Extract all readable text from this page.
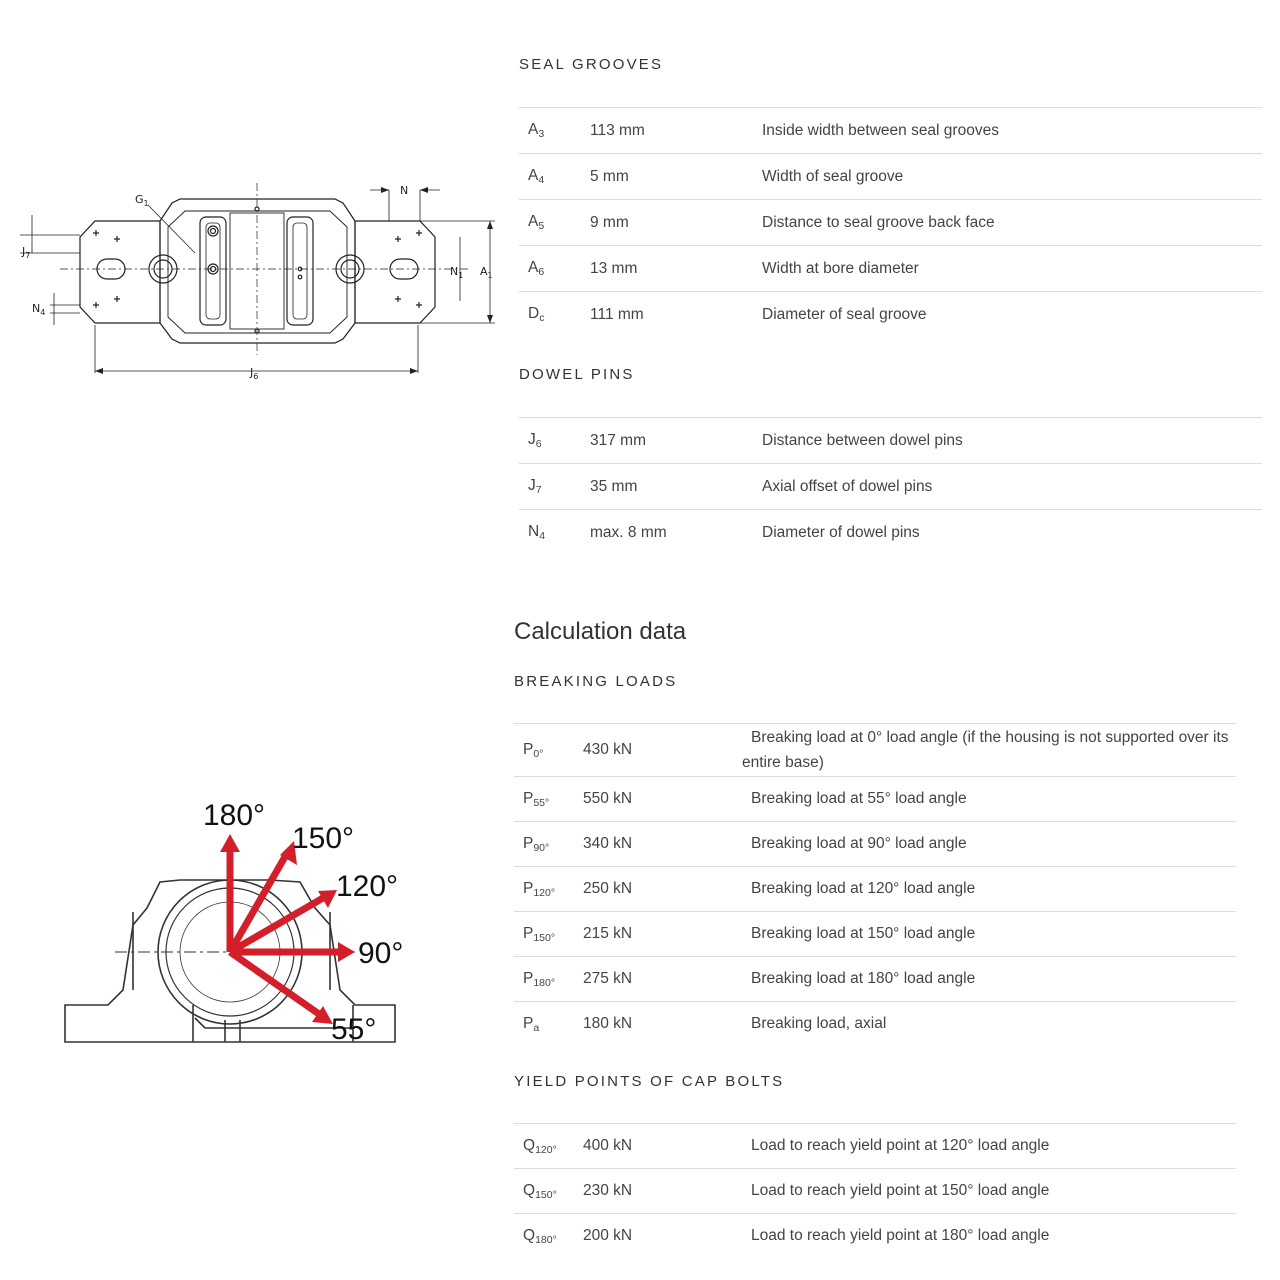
$G_1$
N
$N_1$ $A_1$
$J_7$
$N_4$
$J_6$
180°
150°
120°
90°
55°
SEAL GROOVES
$A_3$	113 mm	Inside width between seal grooves
$A_4$	5 mm	Width of seal groove
$A_5$	9 mm	Distance to seal groove back face
$A_6$	13 mm	Width at bore diameter
$D_c$	111 mm	Diameter of seal groove
DOWEL PINS
$J_6$	317 mm	Distance between dowel pins
$J_7$	35 mm	Axial offset of dowel pins
$N_4$	max. 8 mm	Diameter of dowel pins
Calculation data
BREAKING LOADS
$P_{0^\circ}$	430 kN	Breaking load at 0° load angle (if the housing is not supported over its entire base)
$P_{55^\circ}$	550 kN	Breaking load at 55° load angle
$P_{90^\circ}$	340 kN	Breaking load at 90° load angle
$P_{120^\circ}$	250 kN	Breaking load at 120° load angle
$P_{150^\circ}$	215 kN	Breaking load at 150° load angle
$P_{180^\circ}$	275 kN	Breaking load at 180° load angle
$P_a$	180 kN	Breaking load, axial
YIELD POINTS OF CAP BOLTS
$Q_{120^\circ}$	400 kN	Load to reach yield point at 120° load angle
$Q_{150^\circ}$	230 kN	Load to reach yield point at 150° load angle
$Q_{180^\circ}$	200 kN	Load to reach yield point at 180° load angle
